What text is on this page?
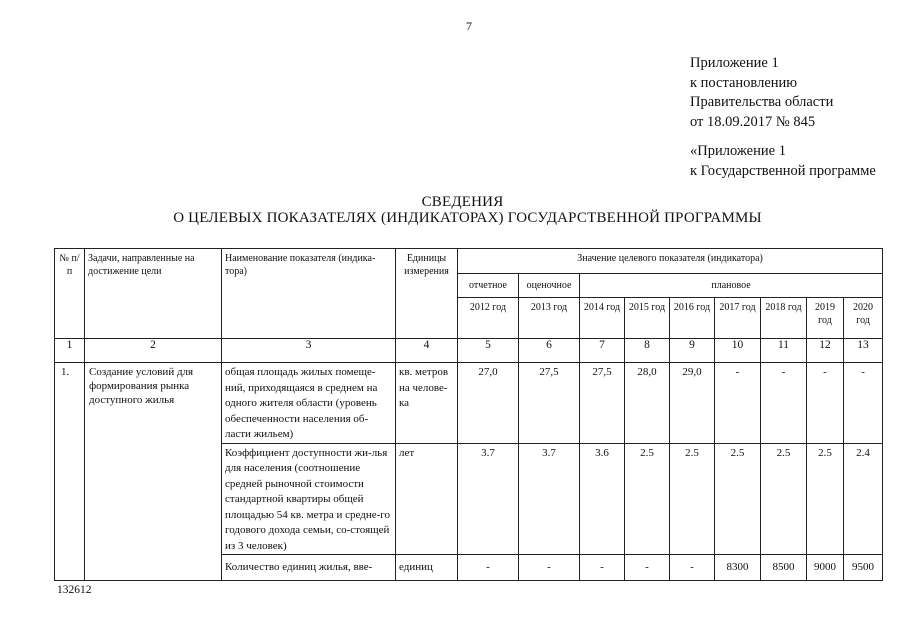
7
Приложение 1
к постановлению
Правительства области
от 18.09.2017 № 845
«Приложение 1
к Государственной программе
СВЕДЕНИЯ
О ЦЕЛЕВЫХ ПОКАЗАТЕЛЯХ (ИНДИКАТОРАХ) ГОСУДАРСТВЕННОЙ ПРОГРАММЫ
№ п/п	Задачи, направленные на достижение цели	Наименование показателя (индика-тора)	Единицы измерения	Значение целевого показателя (индикатора)								
				отчетное	оценочное	плановое						
				2012 год	2013 год	2014 год	2015 год	2016 год	2017 год	2018 год	2019 год	2020 год
1	2	3	4	5	6	7	8	9	10	11	12	13
1.	Создание условий для формирования рынка доступного жилья	общая площадь жилых помеще-ний, приходящаяся в среднем на одного жителя области (уровень обеспеченности населения об-ласти жильем)	кв. метров на челове-ка	27,0	27,5	27,5	28,0	29,0	-	-	-	-
		Коэффициент доступности жи-лья для населения (соотношение средней рыночной стоимости стандартной квартиры общей площадью 54 кв. метра и средне-го годового дохода семьи, со-стоящей из 3 человек)	лет	3.7	3.7	3.6	2.5	2.5	2.5	2.5	2.5	2.4
		Количество единиц жилья, вве-	единиц	-	-	-	-	-	8300	8500	9000	9500
132612
